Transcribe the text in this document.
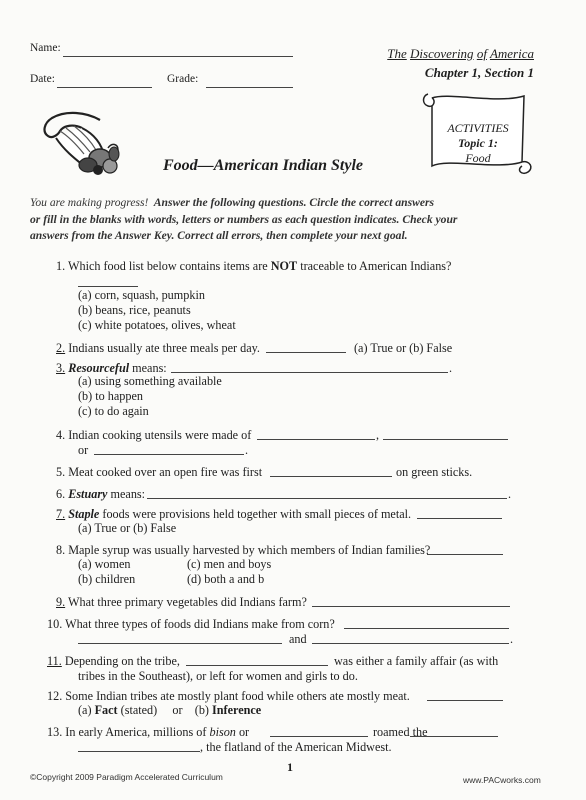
Name:
Date:	Grade:
The Discovering of America
Chapter 1, Section 1
Food—American Indian Style
ACTIVITIES
Topic 1:
Food
You are making progress! Answer the following questions. Circle the correct answers
or fill in the blanks with words, letters or numbers as each question indicates. Check your
answers from the Answer Key. Correct all errors, then complete your next goal.
1. Which food list below contains items are NOT traceable to American Indians?
(a) corn, squash, pumpkin
(b) beans, rice, peanuts
(c) white potatoes, olives, wheat
2. Indians usually ate three meals per day.	(a) True or (b) False
3. Resourceful means:	.
(a) using something available
(b) to happen
(c) to do again
4. Indian cooking utensils were made of	,
or	.
5. Meat cooked over an open fire was first	on green sticks.
6. Estuary means:	.
7. Staple foods were provisions held together with small pieces of metal.
(a) True or (b) False
8. Maple syrup was usually harvested by which members of Indian families?
(a) women	(c) men and boys
(b) children	(d) both a and b
9. What three primary vegetables did Indians farm?
10. What three types of foods did Indians make from corn?
and	.
11. Depending on the tribe,	was either a family affair (as with
tribes in the Southeast), or left for women and girls to do.
12. Some Indian tribes ate mostly plant food while others ate mostly meat.
(a) Fact (stated) or (b) Inference
13. In early America, millions of bison or	roamed the
, the flatland of the American Midwest.
1
©Copyright 2009 Paradigm Accelerated Curriculum	www.PACworks.com
